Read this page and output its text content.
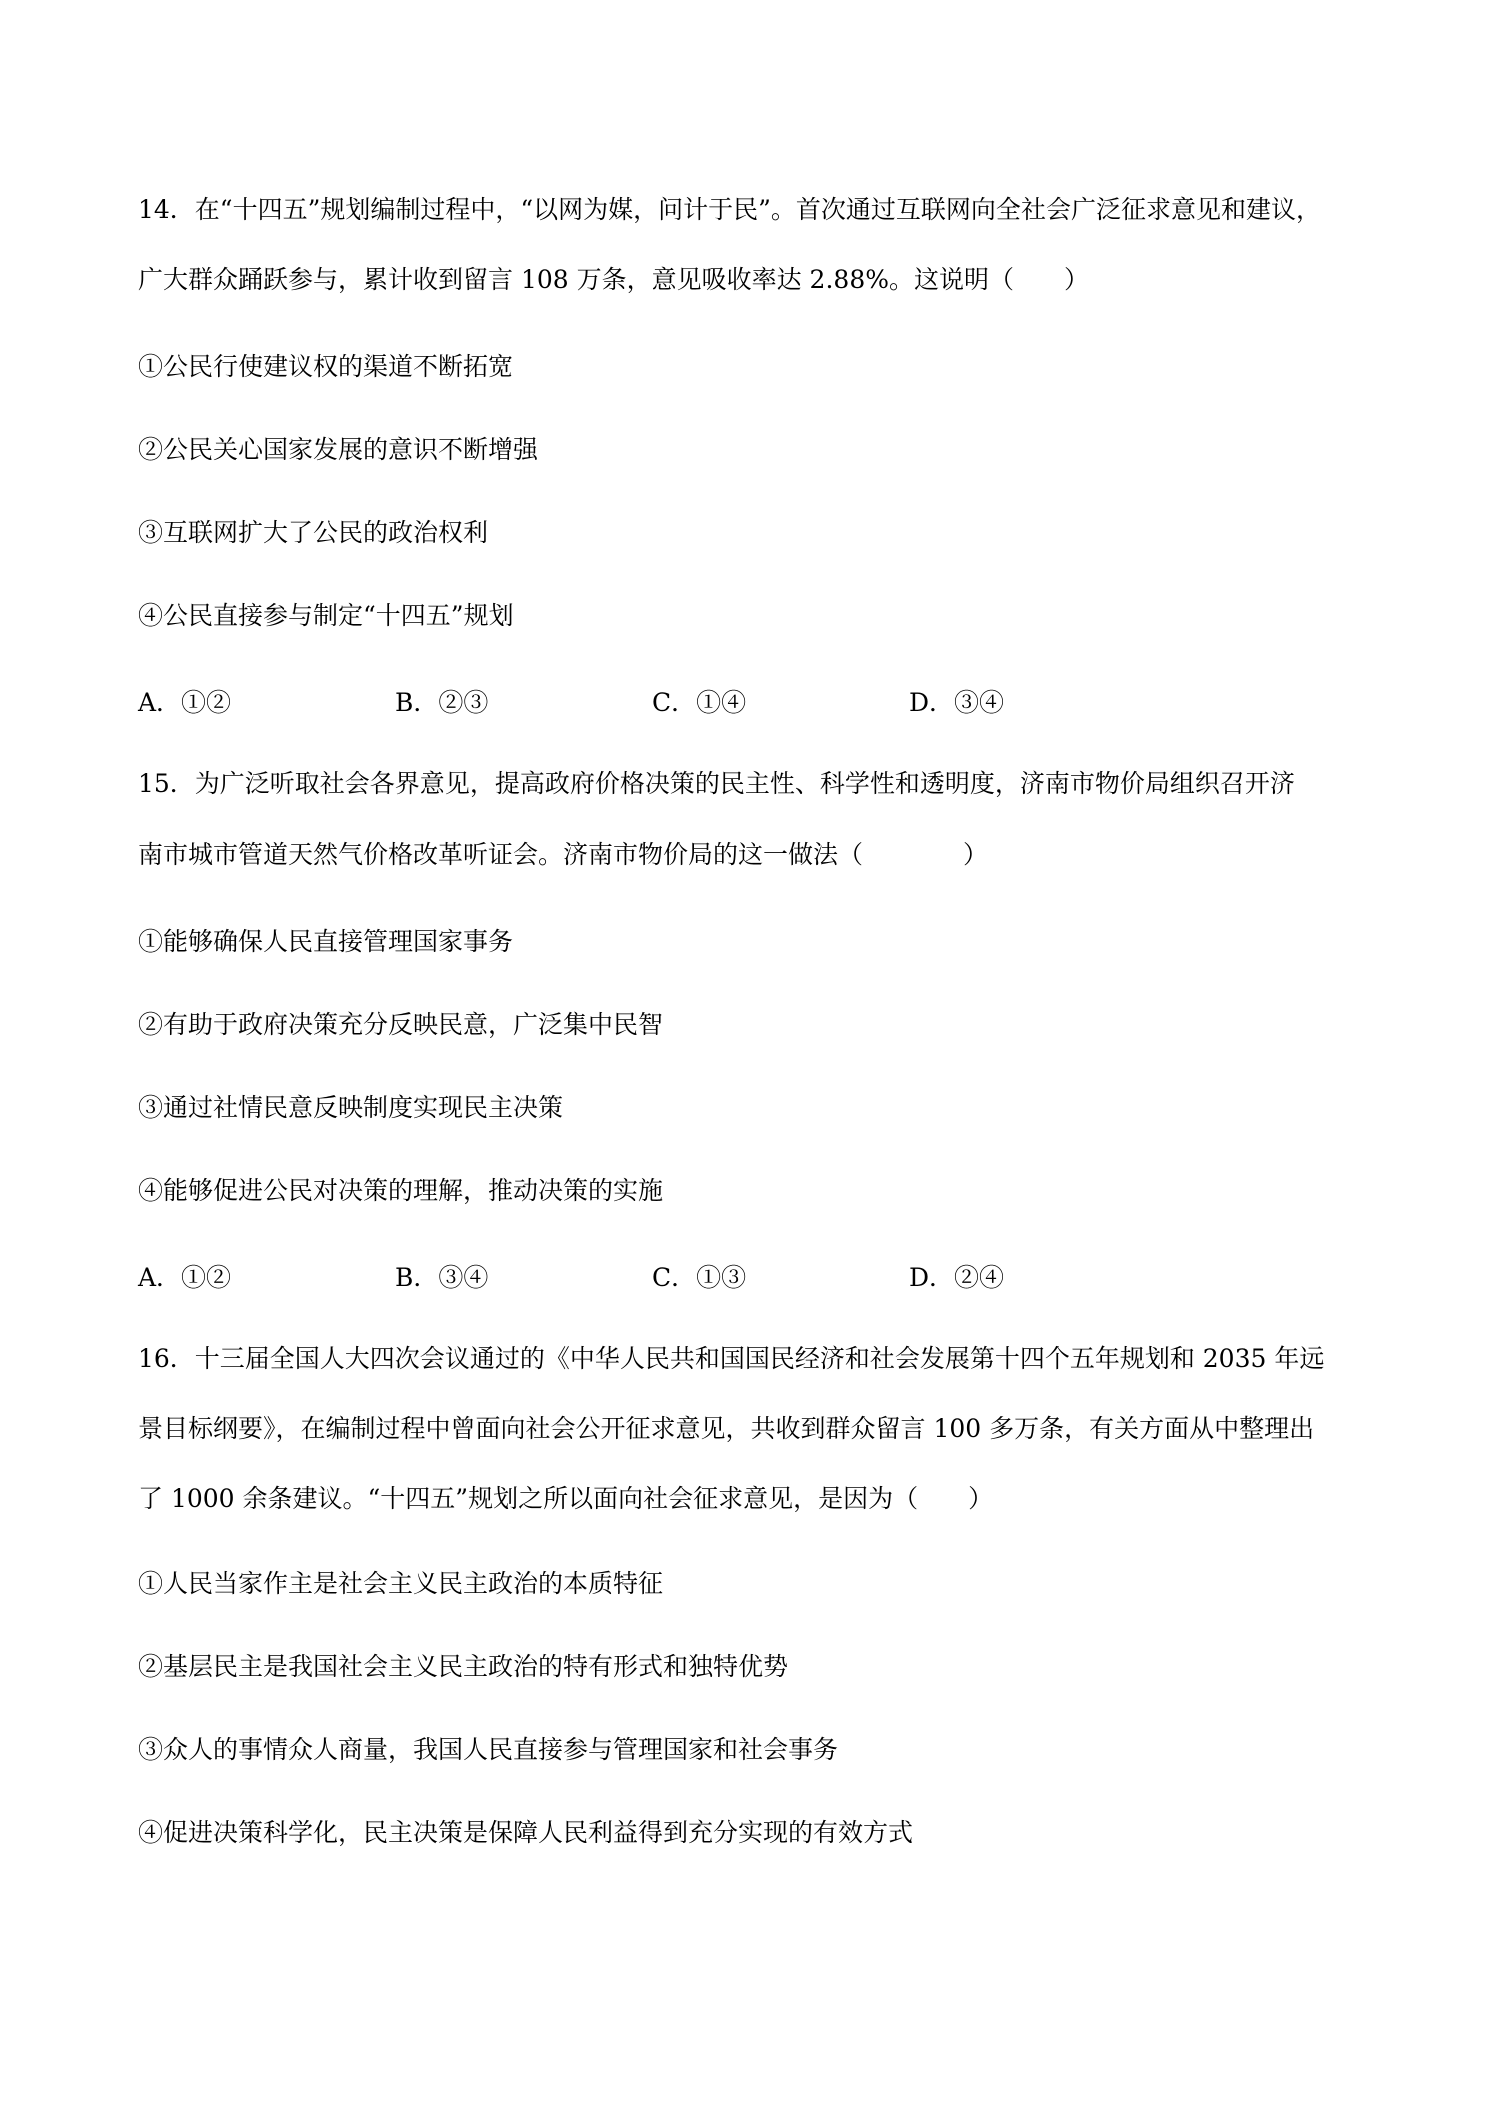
14．在“十四五”规划编制过程中，“以网为媒，问计于民”。首次通过互联网向全社会广泛征求意见和建议，
广大群众踊跃参与，累计收到留言 108 万条，意见吸收率达 2.88%。这说明（　　）
①公民行使建议权的渠道不断拓宽
②公民关心国家发展的意识不断增强
③互联网扩大了公民的政治权利
④公民直接参与制定“十四五”规划
A．①②	B．②③	C．①④	D．③④
15．为广泛听取社会各界意见，提高政府价格决策的民主性、科学性和透明度，济南市物价局组织召开济
南市城市管道天然气价格改革听证会。济南市物价局的这一做法（　　　　）
①能够确保人民直接管理国家事务
②有助于政府决策充分反映民意，广泛集中民智
③通过社情民意反映制度实现民主决策
④能够促进公民对决策的理解，推动决策的实施
A．①②	B．③④	C．①③	D．②④
16．十三届全国人大四次会议通过的《中华人民共和国国民经济和社会发展第十四个五年规划和 2035 年远
景目标纲要》，在编制过程中曾面向社会公开征求意见，共收到群众留言 100 多万条，有关方面从中整理出
了 1000 余条建议。“十四五”规划之所以面向社会征求意见，是因为（　　）
①人民当家作主是社会主义民主政治的本质特征
②基层民主是我国社会主义民主政治的特有形式和独特优势
③众人的事情众人商量，我国人民直接参与管理国家和社会事务
④促进决策科学化，民主决策是保障人民利益得到充分实现的有效方式
